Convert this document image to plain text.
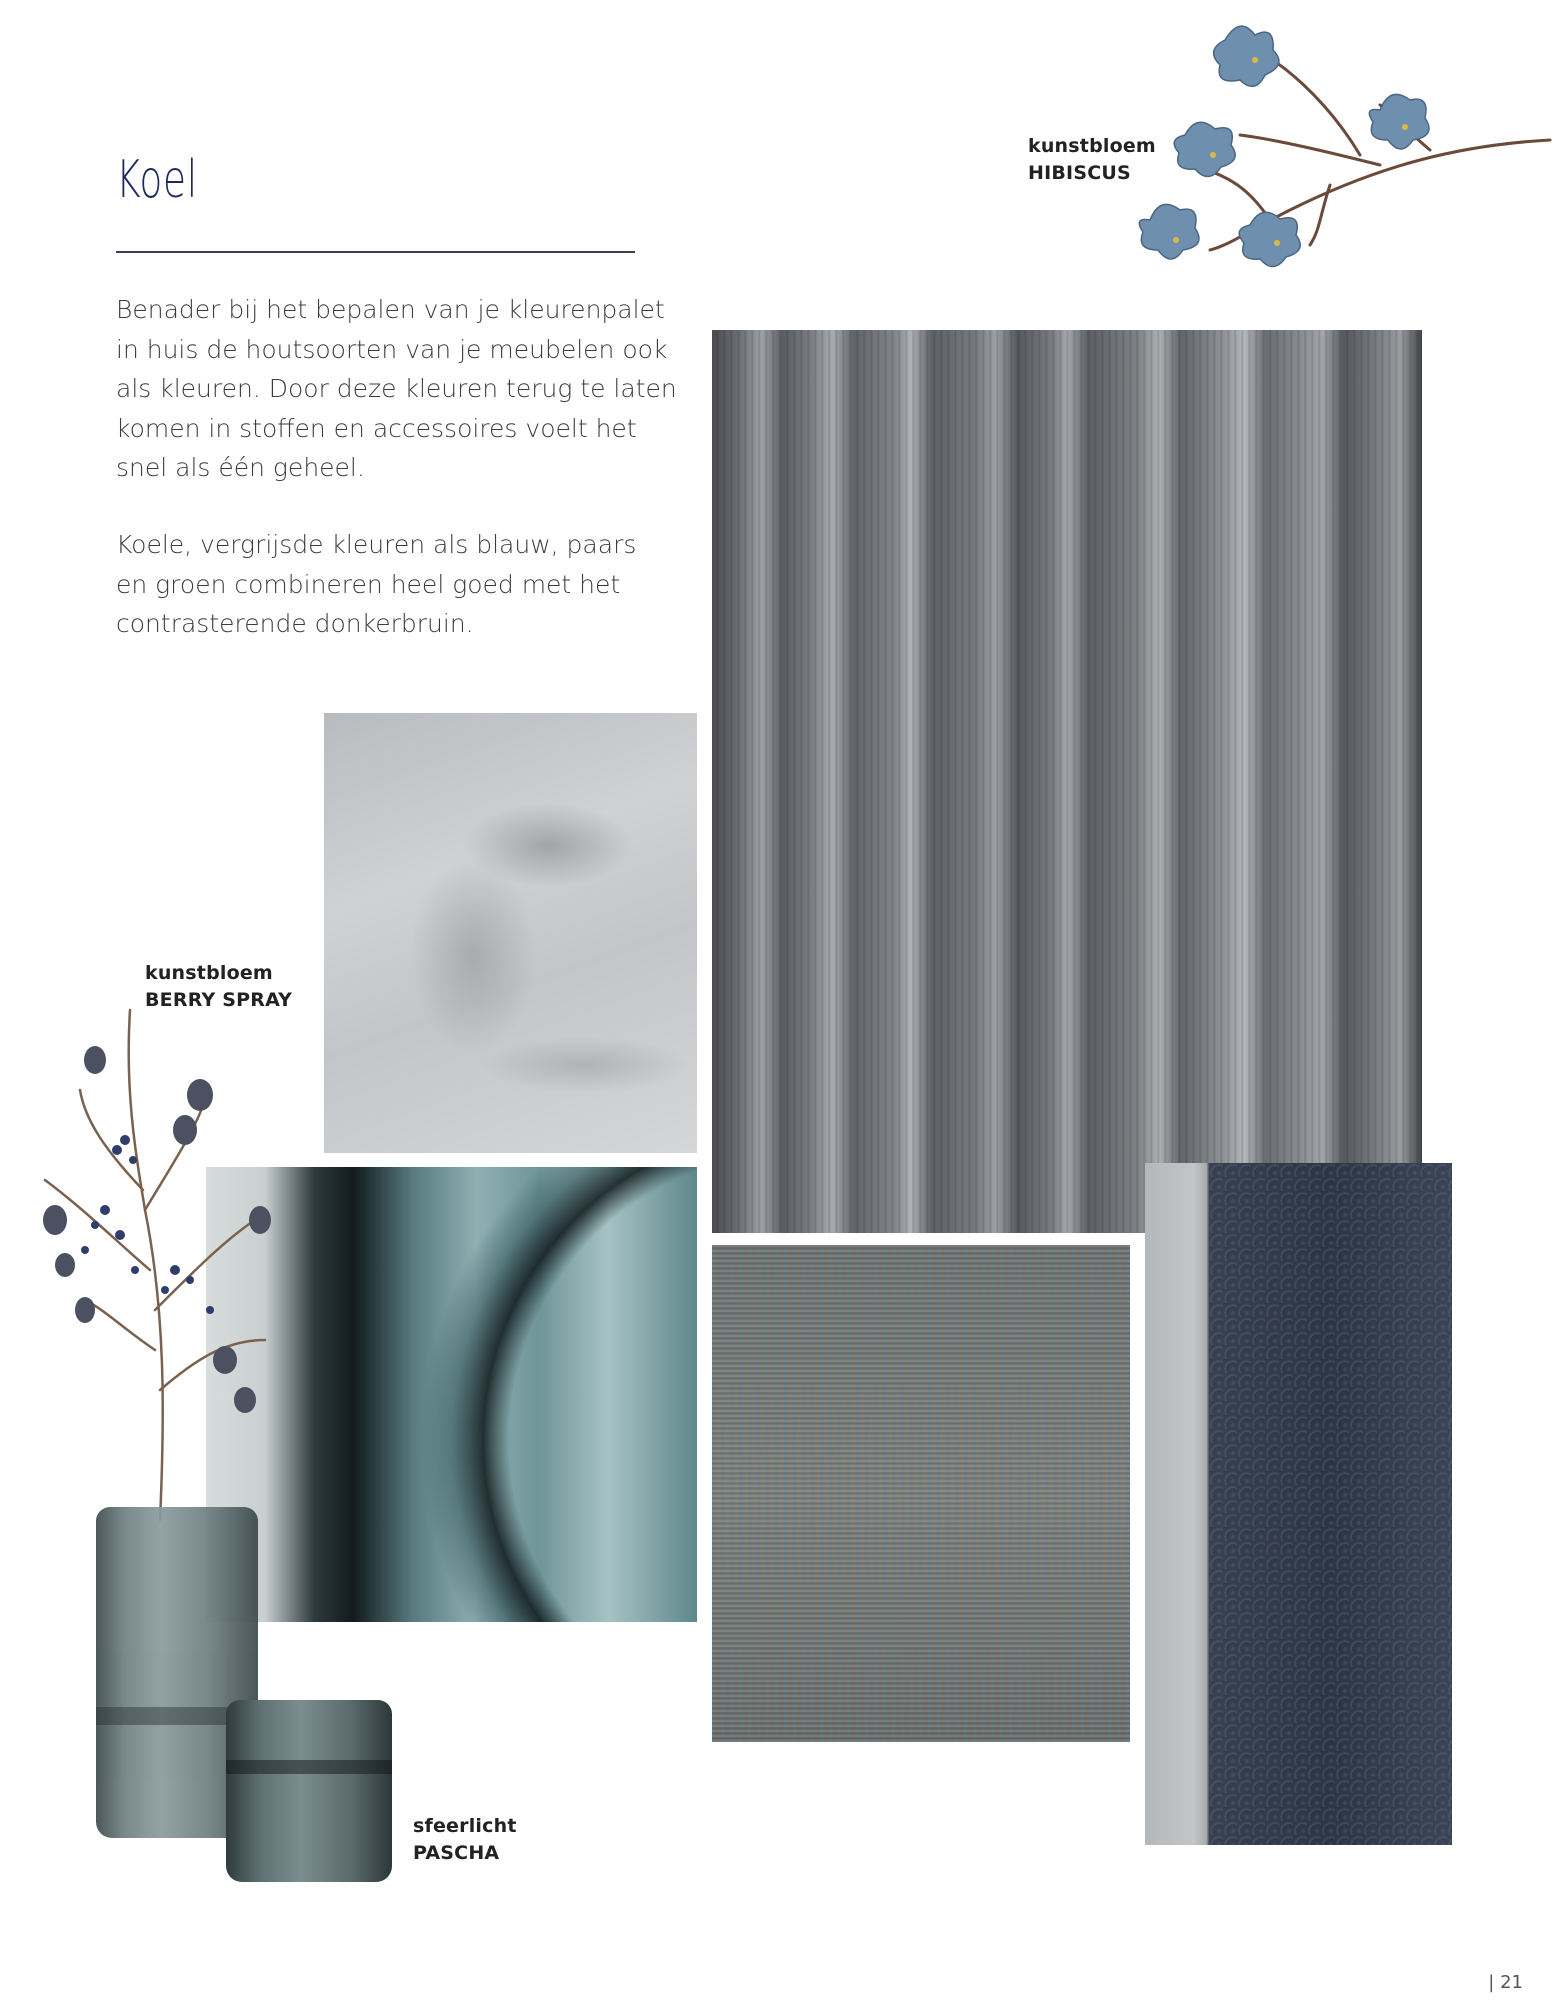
Koel
Benader bij het bepalen van je kleurenpalet
in huis de houtsoorten van je meubelen ook
als kleuren. Door deze kleuren terug te laten
komen in stoffen en accessoires voelt het
snel als één geheel.
Koele, vergrijsde kleuren als blauw, paars
en groen combineren heel goed met het
contrasterende donkerbruin.
kunstbloem
HIBISCUS
kunstbloem
BERRY SPRAY
sfeerlicht
PASCHA
| 21
